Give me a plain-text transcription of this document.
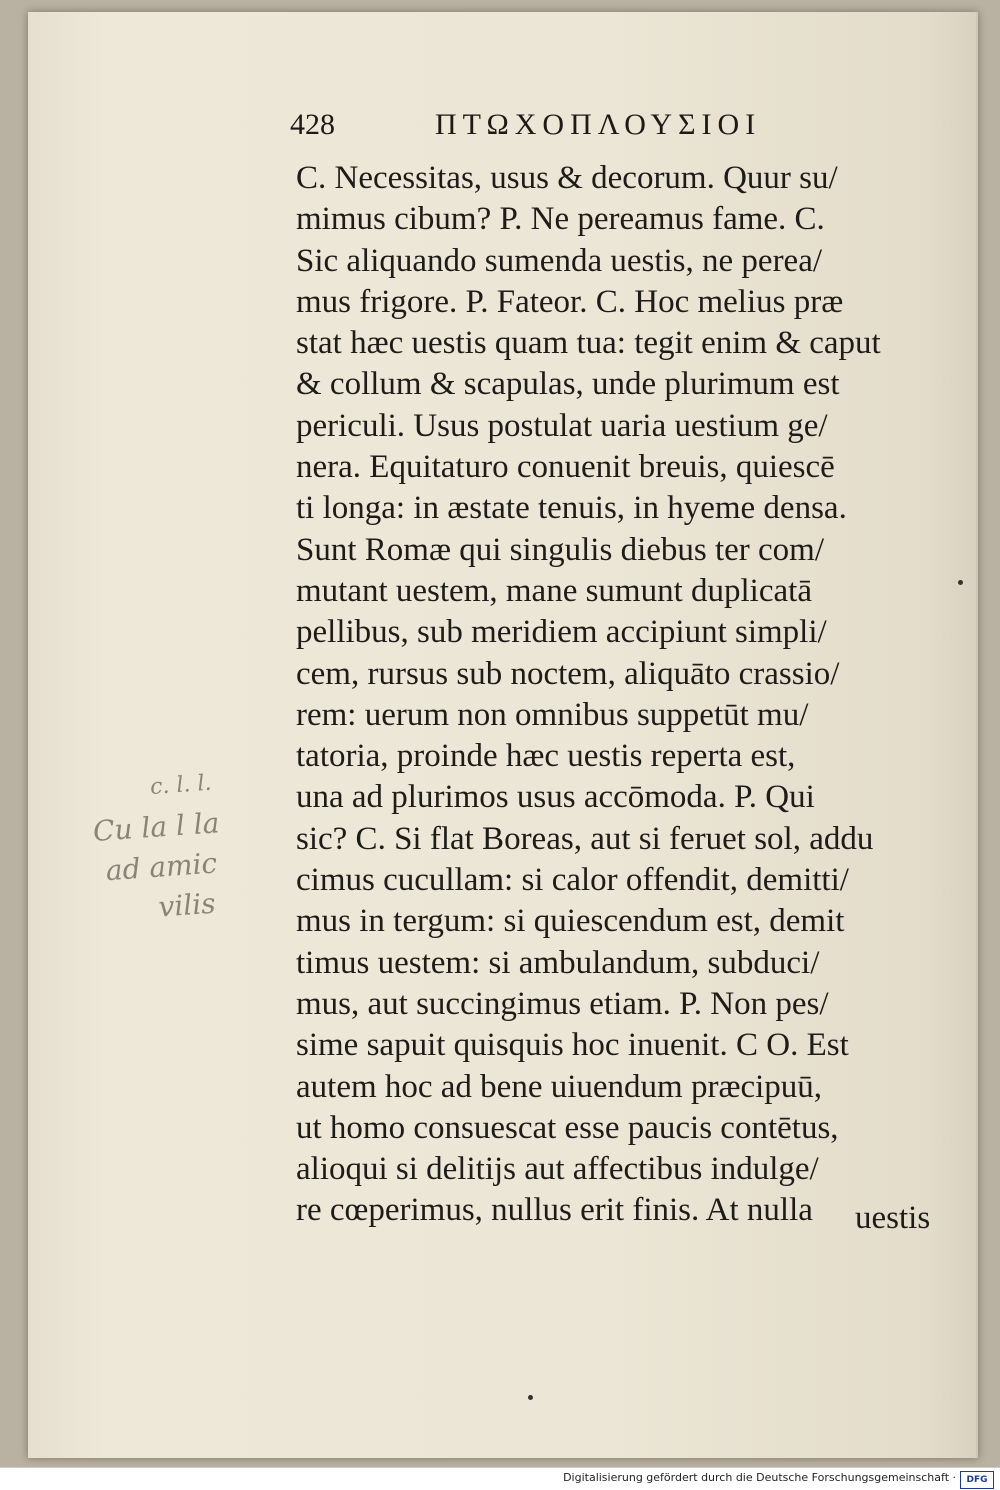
428	ΠΤΩΧΟΠΛΟΥΣΙΟΙ
C. Necessitas, usus & decorum. Quur su/
mimus cibum? P. Ne pereamus fame. C.
Sic aliquando sumenda uestis, ne perea/
mus frigore. P. Fateor. C. Hoc melius præ
stat hæc uestis quam tua: tegit enim & caput
& collum & scapulas, unde plurimum est
periculi. Usus postulat uaria uestium ge/
nera. Equitaturo conuenit breuis, quiescē
ti longa: in æstate tenuis, in hyeme densa.
Sunt Romæ qui singulis diebus ter com/
mutant uestem, mane sumunt duplicatā
pellibus, sub meridiem accipiunt simpli/
cem, rursus sub noctem, aliquāto crassio/
rem: uerum non omnibus suppetūt mu/
tatoria, proinde hæc uestis reperta est,
una ad plurimos usus accōmoda. P. Qui
sic? C. Si flat Boreas, aut si feruet sol, addu
cimus cucullam: si calor offendit, demitti/
mus in tergum: si quiescendum est, demit
timus uestem: si ambulandum, subduci/
mus, aut succingimus etiam. P. Non pes/
sime sapuit quisquis hoc inuenit. C O. Est
autem hoc ad bene uiuendum præcipuū,
ut homo consuescat esse paucis contētus,
alioqui si delitijs aut affectibus indulge/
re cœperimus, nullus erit finis. At nulla	uestis
c. l. l.
Cu la l la
ad amic
vilis
Digitalisierung gefördert durch die Deutsche Forschungsgemeinschaft ·	DFG
